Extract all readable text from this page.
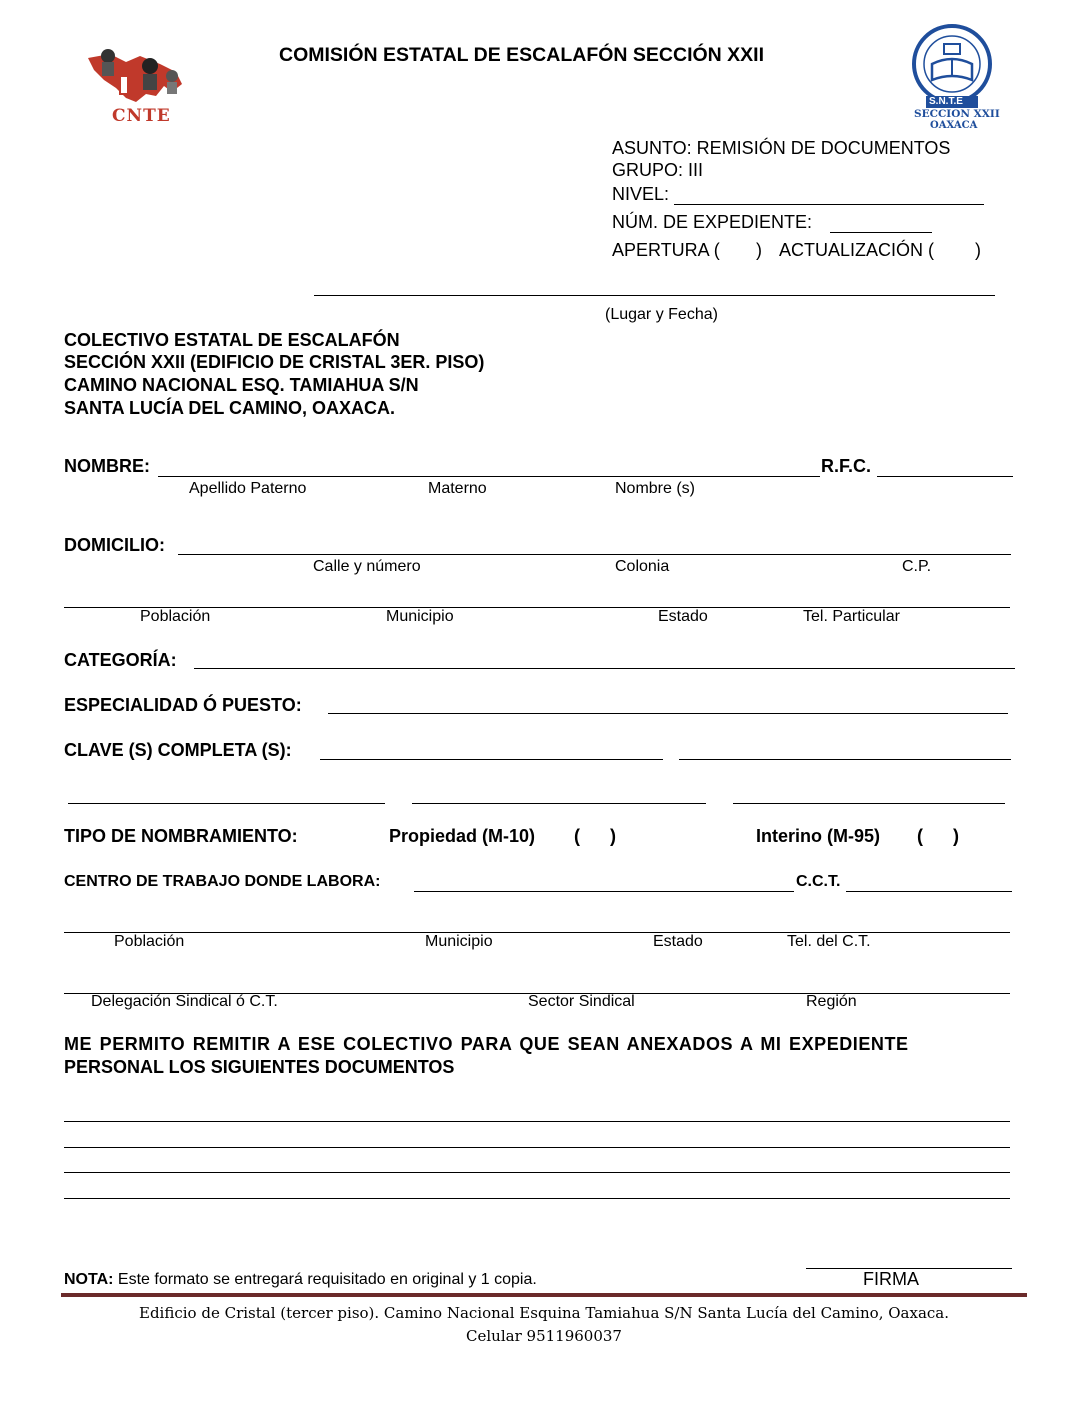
CNTE
COMISIÓN ESTATAL DE ESCALAFÓN SECCIÓN XXII
S.N.T.E
SECCION XXII
OAXACA
ASUNTO: REMISIÓN DE DOCUMENTOS
GRUPO: III
NIVEL:
NÚM. DE EXPEDIENTE:
APERTURA ( ) ACTUALIZACIÓN ( )
(Lugar y Fecha)
COLECTIVO ESTATAL DE ESCALAFÓN
SECCIÓN XXII (EDIFICIO DE CRISTAL 3ER. PISO)
CAMINO NACIONAL ESQ. TAMIAHUA S/N
SANTA LUCÍA DEL CAMINO, OAXACA.
NOMBRE:	R.F.C.
Apellido Paterno	Materno	Nombre (s)
DOMICILIO:
Calle y número	Colonia	C.P.
Población	Municipio	Estado	Tel. Particular
CATEGORÍA:
ESPECIALIDAD Ó PUESTO:
CLAVE (S) COMPLETA (S):
TIPO DE NOMBRAMIENTO:	Propiedad (M-10) (      )	Interino (M-95) (      )
CENTRO DE TRABAJO DONDE LABORA:	C.C.T.
Población	Municipio	Estado	Tel. del C.T.
Delegación Sindical ó C.T.	Sector Sindical	Región
ME PERMITO REMITIR A ESE COLECTIVO PARA QUE SEAN ANEXADOS A MI EXPEDIENTE
PERSONAL LOS SIGUIENTES DOCUMENTOS
NOTA: Este formato se entregará requisitado en original y 1 copia.	FIRMA
Edificio de Cristal (tercer piso). Camino Nacional Esquina Tamiahua S/N Santa Lucía del Camino, Oaxaca.
Celular 9511960037
